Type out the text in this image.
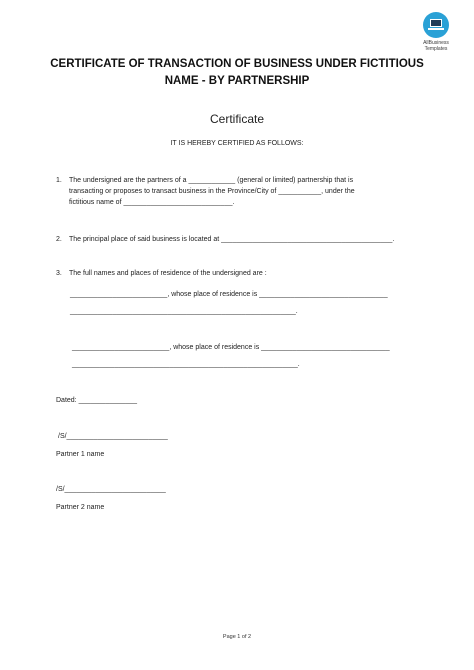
AllBusiness
Templates
CERTIFICATE OF TRANSACTION OF BUSINESS UNDER FICTITIOUS
NAME - BY PARTNERSHIP
Certificate
IT IS HEREBY CERTIFIED AS FOLLOWS:
1. The undersigned are the partners of a ____________ (general or limited) partnership that is
transacting or proposes to transact business in the Province/City of ___________, under the
fictitious name of ____________________________.
2. The principal place of said business is located at ____________________________________________.
3. The full names and places of residence of the undersigned are :
_________________________, whose place of residence is _________________________________
__________________________________________________________.
_________________________, whose place of residence is _________________________________
__________________________________________________________.
Dated: _______________
/S/__________________________
Partner 1 name
/S/__________________________
Partner 2 name
Page 1 of 2
